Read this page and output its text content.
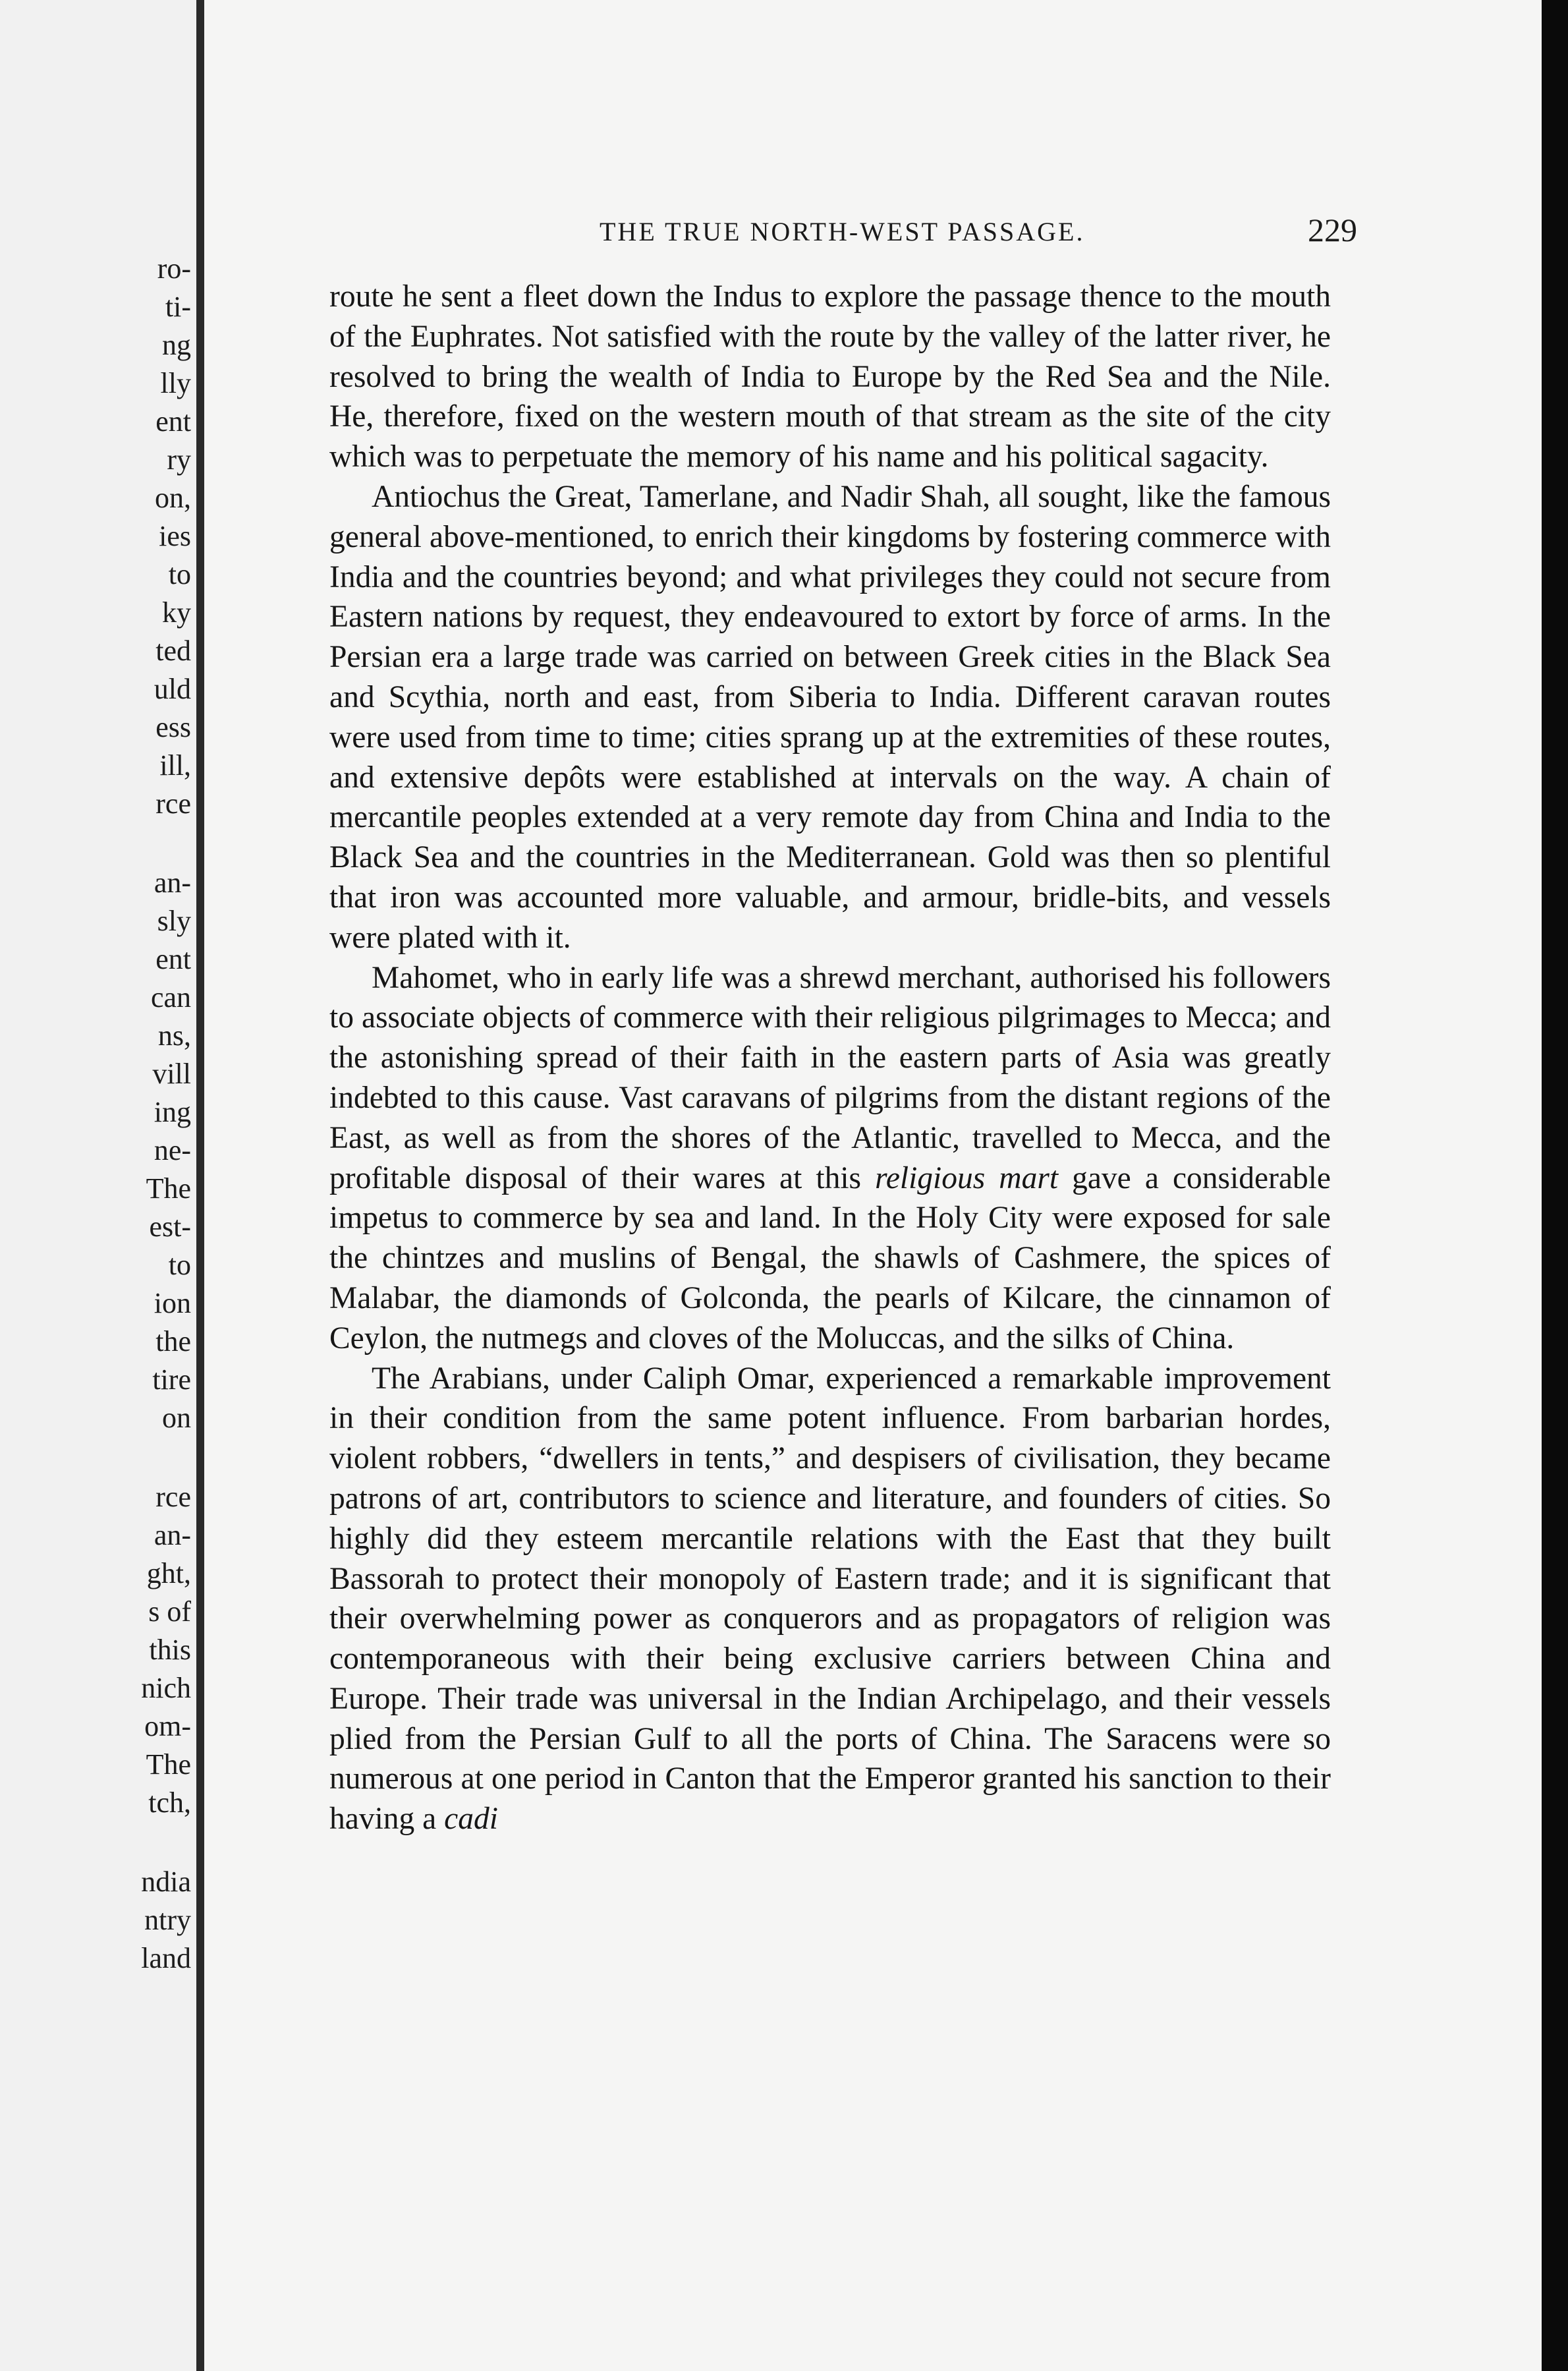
ro-
ti-
ng
lly
ent
ry
on,
ies
to
ky
ted
uld
ess
ill,
rce
an-
sly
ent
can
ns,
vill
ing
ne-
The
est-
to
ion
the
tire
on
rce
an-
ght,
s of
this
nich
om-
The
tch,
ndia
ntry
land
THE TRUE NORTH-WEST PASSAGE.	229

route he sent a fleet down the Indus to explore the passage thence to the mouth of the Euphrates. Not satisfied with the route by the valley of the latter river, he resolved to bring the wealth of India to Europe by the Red Sea and the Nile. He, therefore, fixed on the western mouth of that stream as the site of the city which was to perpetuate the memory of his name and his political sagacity.

Antiochus the Great, Tamerlane, and Nadir Shah, all sought, like the famous general above-mentioned, to enrich their kingdoms by fostering commerce with India and the countries beyond; and what privileges they could not secure from Eastern nations by request, they endeavoured to extort by force of arms. In the Persian era a large trade was carried on between Greek cities in the Black Sea and Scythia, north and east, from Siberia to India. Different caravan routes were used from time to time; cities sprang up at the extremities of these routes, and extensive depôts were established at intervals on the way. A chain of mercantile peoples extended at a very remote day from China and India to the Black Sea and the countries in the Mediterranean. Gold was then so plentiful that iron was accounted more valuable, and armour, bridle-bits, and vessels were plated with it.

Mahomet, who in early life was a shrewd merchant, authorised his followers to associate objects of commerce with their religious pilgrimages to Mecca; and the astonishing spread of their faith in the eastern parts of Asia was greatly indebted to this cause. Vast caravans of pilgrims from the distant regions of the East, as well as from the shores of the Atlantic, travelled to Mecca, and the profitable disposal of their wares at this religious mart gave a considerable impetus to commerce by sea and land. In the Holy City were exposed for sale the chintzes and muslins of Bengal, the shawls of Cashmere, the spices of Malabar, the diamonds of Golconda, the pearls of Kilcare, the cinnamon of Ceylon, the nutmegs and cloves of the Moluccas, and the silks of China.

The Arabians, under Caliph Omar, experienced a remarkable improvement in their condition from the same potent influence. From barbarian hordes, violent robbers, “dwellers in tents,” and despisers of civilisation, they became patrons of art, contributors to science and literature, and founders of cities. So highly did they esteem mercantile relations with the East that they built Bassorah to protect their monopoly of Eastern trade; and it is significant that their overwhelming power as conquerors and as propagators of religion was contemporaneous with their being exclusive carriers between China and Europe. Their trade was universal in the Indian Archipelago, and their vessels plied from the Persian Gulf to all the ports of China. The Saracens were so numerous at one period in Canton that the Emperor granted his sanction to their having a cadi
